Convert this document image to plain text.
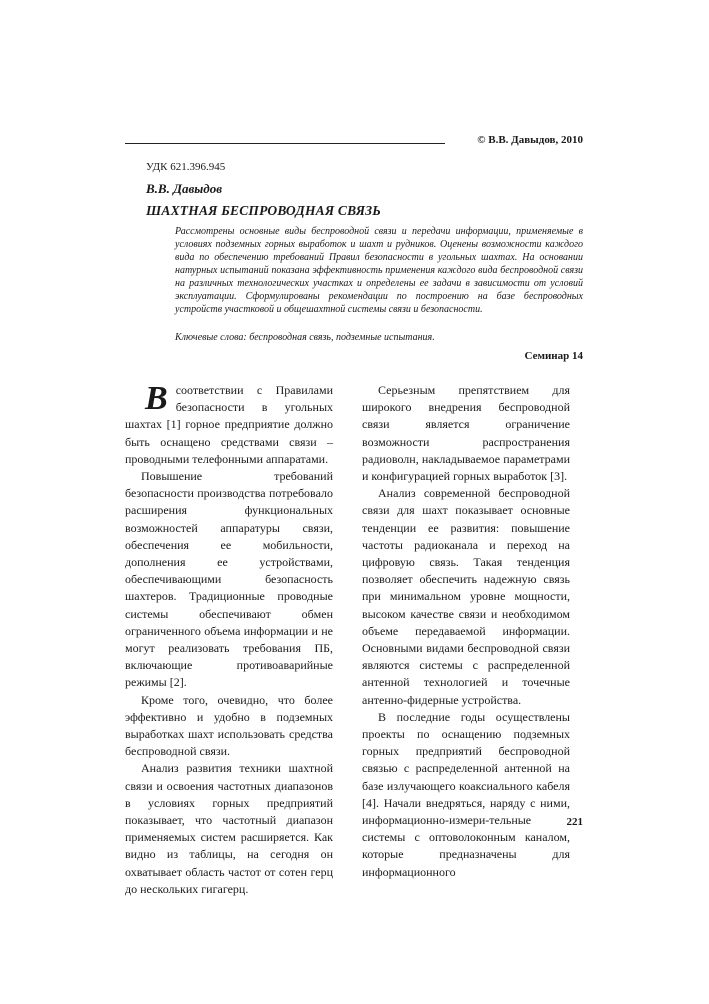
© В.В. Давыдов, 2010
УДК 621.396.945
В.В. Давыдов
ШАХТНАЯ БЕСПРОВОДНАЯ СВЯЗЬ

Рассмотрены основные виды беспроводной связи и передачи информации, применяемые в условиях подземных горных выработок и шахт и рудников. Оценены возможности каждого вида по обеспечению требований Правил безопасности в угольных шахтах. На основании натурных испытаний показана эффективность применения каждого вида беспроводной связи на различных технологических участках и определены ее задачи в зависимости от условий эксплуатации. Сформулированы рекомендации по построению на базе беспроводных устройств участковой и общешахтной системы связи и безопасности.

Ключевые слова: беспроводная связь, подземные испытания.
Семинар 14

Всоответствии с Правилами безопасности в угольных шахтах [1] горное предприятие должно быть оснащено средствами связи – проводными телефонными аппаратами.

Повышение требований безопасности производства потребовало расширения функциональных возможностей аппаратуры связи, обеспечения ее мобильности, дополнения ее устройствами, обеспечивающими безопасность шахтеров. Традиционные проводные системы обеспечивают обмен ограниченного объема информации и не могут реализовать требования ПБ, включающие противоаварийные режимы [2].

Кроме того, очевидно, что более эффективно и удобно в подземных выработках шахт использовать средства беспроводной связи.

Анализ развития техники шахтной связи и освоения частотных диапазонов в условиях горных предприятий показывает, что частотный диапазон применяемых систем расширяется. Как видно из таблицы, на сегодня он охватывает область частот от сотен герц до нескольких гигагерц.

Серьезным препятствием для широкого внедрения беспроводной связи является ограничение возможности распространения радиоволн, накладываемое параметрами и конфигурацией горных выработок [3].

Анализ современной беспроводной связи для шахт показывает основные тенденции ее развития: повышение частоты радиоканала и переход на цифровую связь. Такая тенденция позволяет обеспечить надежную связь при минимальном уровне мощности, высоком качестве связи и необходимом объеме передаваемой информации. Основными видами беспроводной связи являются системы с распределенной антенной технологией и точечные антенно-фидерные устройства.

В последние годы осуществлены проекты по оснащению подземных горных предприятий беспроводной связью с распределенной антенной на базе излучающего коаксиального кабеля [4]. Начали внедряться, наряду с ними, информационно-измери-тельные системы с оптоволоконным каналом, которые предназначены для информационного

221
